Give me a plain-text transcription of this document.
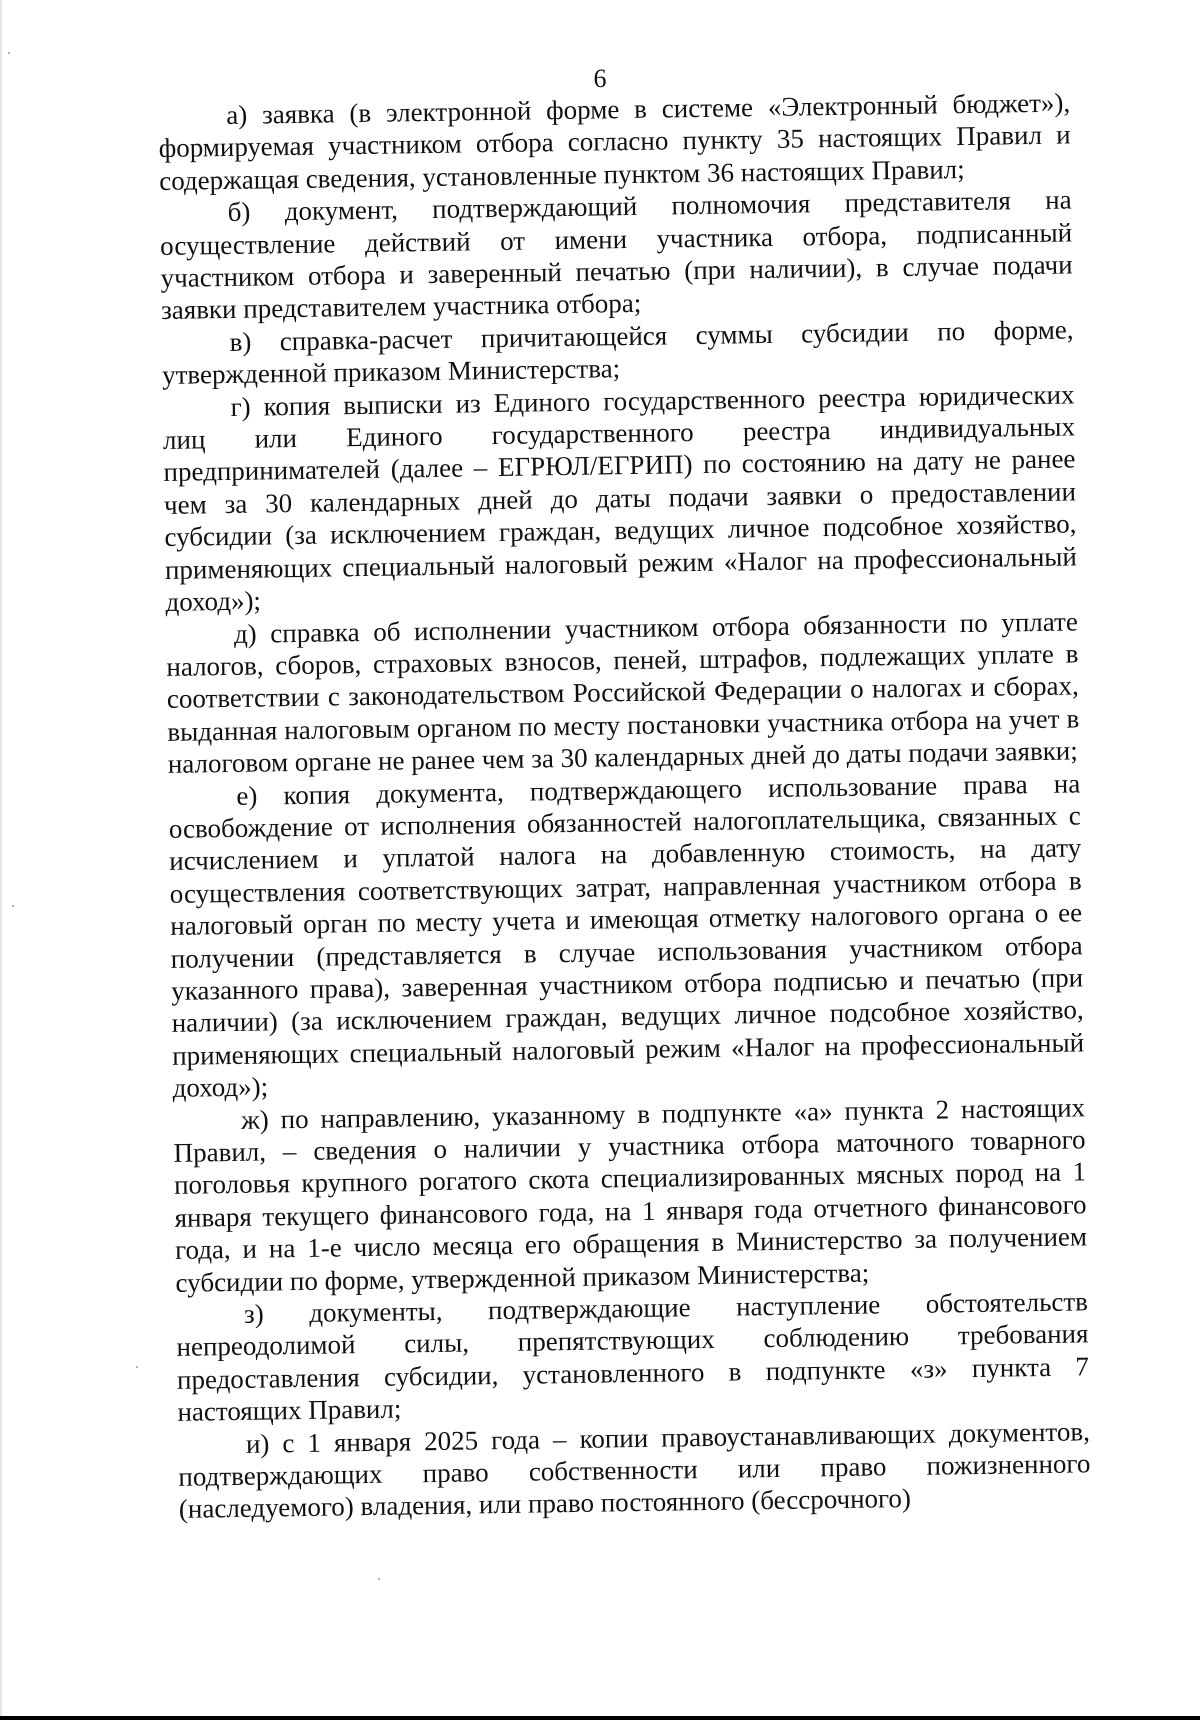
6

а) заявка (в электронной форме в системе «Электронный бюджет»), формируемая участником отбора согласно пункту 35 настоящих Правил и содержащая сведения, установленные пунктом 36 настоящих Правил;

б) документ, подтверждающий полномочия представителя на осуществление действий от имени участника отбора, подписанный участником отбора и заверенный печатью (при наличии), в случае подачи заявки представителем участника отбора;

в) справка-расчет причитающейся суммы субсидии по форме, утвержденной приказом Министерства;

г) копия выписки из Единого государственного реестра юридических лиц или Единого государственного реестра индивидуальных предпринимателей (далее – ЕГРЮЛ/ЕГРИП) по состоянию на дату не ранее чем за 30 календарных дней до даты подачи заявки о предоставлении субсидии (за исключением граждан, ведущих личное подсобное хозяйство, применяющих специальный налоговый режим «Налог на профессиональный доход»);

д) справка об исполнении участником отбора обязанности по уплате налогов, сборов, страховых взносов, пеней, штрафов, подлежащих уплате в соответствии с законодательством Российской Федерации о налогах и сборах, выданная налоговым органом по месту постановки участника отбора на учет в налоговом органе не ранее чем за 30 календарных дней до даты подачи заявки;

е) копия документа, подтверждающего использование права на освобождение от исполнения обязанностей налогоплательщика, связанных с исчислением и уплатой налога на добавленную стоимость, на дату осуществления соответствующих затрат, направленная участником отбора в налоговый орган по месту учета и имеющая отметку налогового органа о ее получении (представляется в случае использования участником отбора указанного права), заверенная участником отбора подписью и печатью (при наличии) (за исключением граждан, ведущих личное подсобное хозяйство, применяющих специальный налоговый режим «Налог на профессиональный доход»);

ж) по направлению, указанному в подпункте «а» пункта 2 настоящих Правил, – сведения о наличии у участника отбора маточного товарного поголовья крупного рогатого скота специализированных мясных пород на 1 января текущего финансового года, на 1 января года отчетного финансового года, и на 1-е число месяца его обращения в Министерство за получением субсидии по форме, утвержденной приказом Министерства;

з) документы, подтверждающие наступление обстоятельств непреодолимой силы, препятствующих соблюдению требования предоставления субсидии, установленного в подпункте «з» пункта 7 настоящих Правил;

и) с 1 января 2025 года – копии правоустанавливающих документов, подтверждающих право собственности или право пожизненного (наследуемого) владения, или право постоянного (бессрочного)
